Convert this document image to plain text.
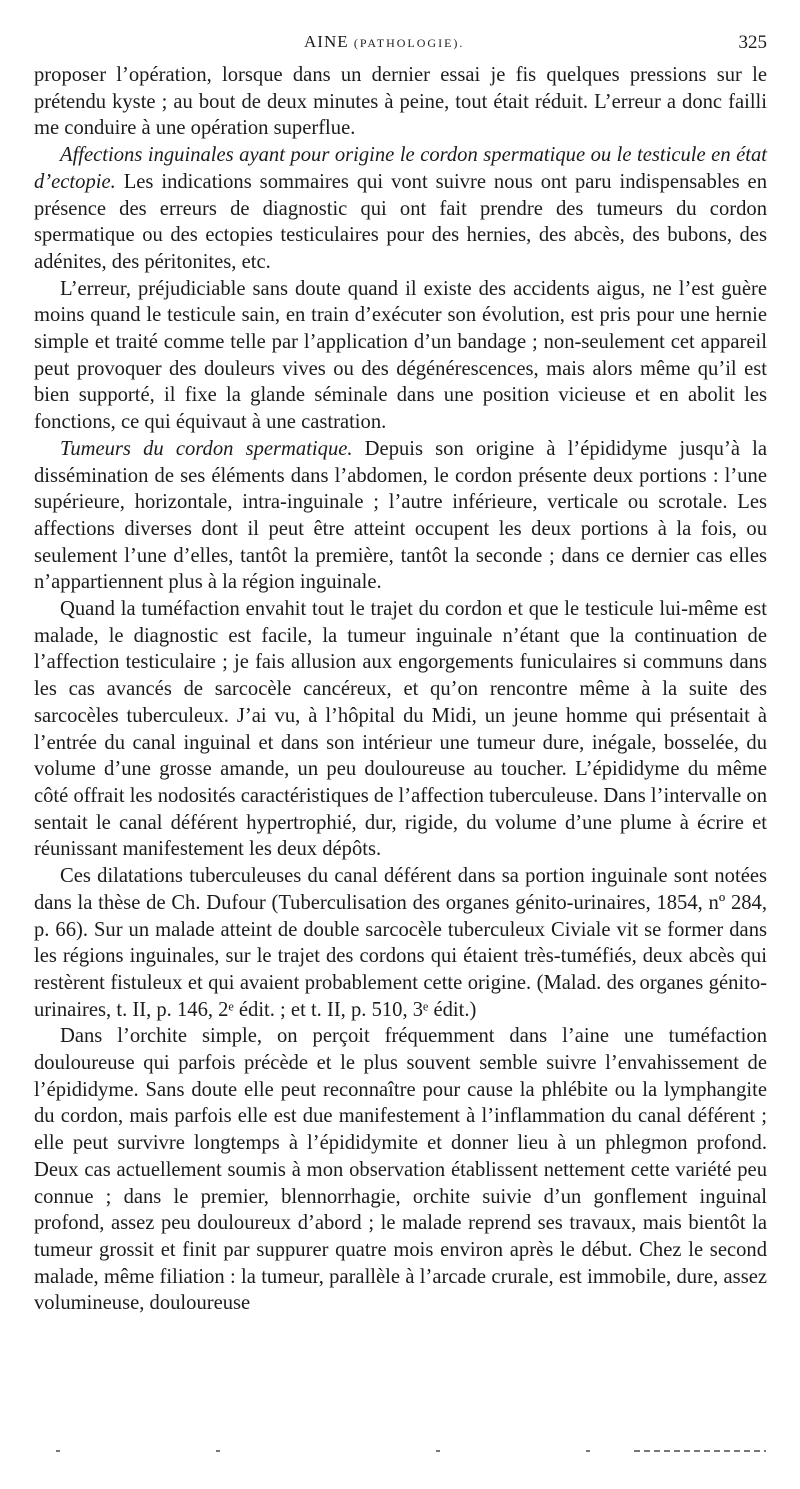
AINE (PATHOLOGIE).	325

proposer l’opération, lorsque dans un dernier essai je fis quelques pressions sur le prétendu kyste ; au bout de deux minutes à peine, tout était réduit. L’erreur a donc failli me conduire à une opération superflue.

Affections inguinales ayant pour origine le cordon spermatique ou le testicule en état d’ectopie. Les indications sommaires qui vont suivre nous ont paru indispensables en présence des erreurs de diagnostic qui ont fait prendre des tumeurs du cordon spermatique ou des ectopies testiculaires pour des hernies, des abcès, des bubons, des adénites, des péritonites, etc.

L’erreur, préjudiciable sans doute quand il existe des accidents aigus, ne l’est guère moins quand le testicule sain, en train d’exécuter son évolution, est pris pour une hernie simple et traité comme telle par l’application d’un bandage ; non-seulement cet appareil peut provoquer des douleurs vives ou des dégénérescences, mais alors même qu’il est bien supporté, il fixe la glande séminale dans une position vicieuse et en abolit les fonctions, ce qui équivaut à une castration.

Tumeurs du cordon spermatique. Depuis son origine à l’épididyme jusqu’à la dissémination de ses éléments dans l’abdomen, le cordon présente deux portions : l’une supérieure, horizontale, intra-inguinale ; l’autre inférieure, verticale ou scrotale. Les affections diverses dont il peut être atteint occupent les deux portions à la fois, ou seulement l’une d’elles, tantôt la première, tantôt la seconde ; dans ce dernier cas elles n’appartiennent plus à la région inguinale.

Quand la tuméfaction envahit tout le trajet du cordon et que le testicule lui-même est malade, le diagnostic est facile, la tumeur inguinale n’étant que la continuation de l’affection testiculaire ; je fais allusion aux engorgements funiculaires si communs dans les cas avancés de sarcocèle cancéreux, et qu’on rencontre même à la suite des sarcocèles tuberculeux. J’ai vu, à l’hôpital du Midi, un jeune homme qui présentait à l’entrée du canal inguinal et dans son intérieur une tumeur dure, inégale, bosselée, du volume d’une grosse amande, un peu douloureuse au toucher. L’épididyme du même côté offrait les nodosités caractéristiques de l’affection tuberculeuse. Dans l’intervalle on sentait le canal déférent hypertrophié, dur, rigide, du volume d’une plume à écrire et réunissant manifestement les deux dépôts.

Ces dilatations tuberculeuses du canal déférent dans sa portion inguinale sont notées dans la thèse de Ch. Dufour (Tuberculisation des organes génito-urinaires, 1854, nº 284, p. 66). Sur un malade atteint de double sarcocèle tuberculeux Civiale vit se former dans les régions inguinales, sur le trajet des cordons qui étaient très-tuméfiés, deux abcès qui restèrent fistuleux et qui avaient probablement cette origine. (Malad. des organes génito-urinaires, t. II, p. 146, 2ᵉ édit. ; et t. II, p. 510, 3ᵉ édit.)

Dans l’orchite simple, on perçoit fréquemment dans l’aine une tuméfaction douloureuse qui parfois précède et le plus souvent semble suivre l’envahissement de l’épididyme. Sans doute elle peut reconnaître pour cause la phlébite ou la lymphangite du cordon, mais parfois elle est due manifestement à l’inflammation du canal déférent ; elle peut survivre longtemps à l’épididymite et donner lieu à un phlegmon profond. Deux cas actuellement soumis à mon observation établissent nettement cette variété peu connue ; dans le premier, blennorrhagie, orchite suivie d’un gonflement inguinal profond, assez peu douloureux d’abord ; le malade reprend ses travaux, mais bientôt la tumeur grossit et finit par suppurer quatre mois environ après le début. Chez le second malade, même filiation : la tumeur, parallèle à l’arcade crurale, est immobile, dure, assez volumineuse, douloureuse
